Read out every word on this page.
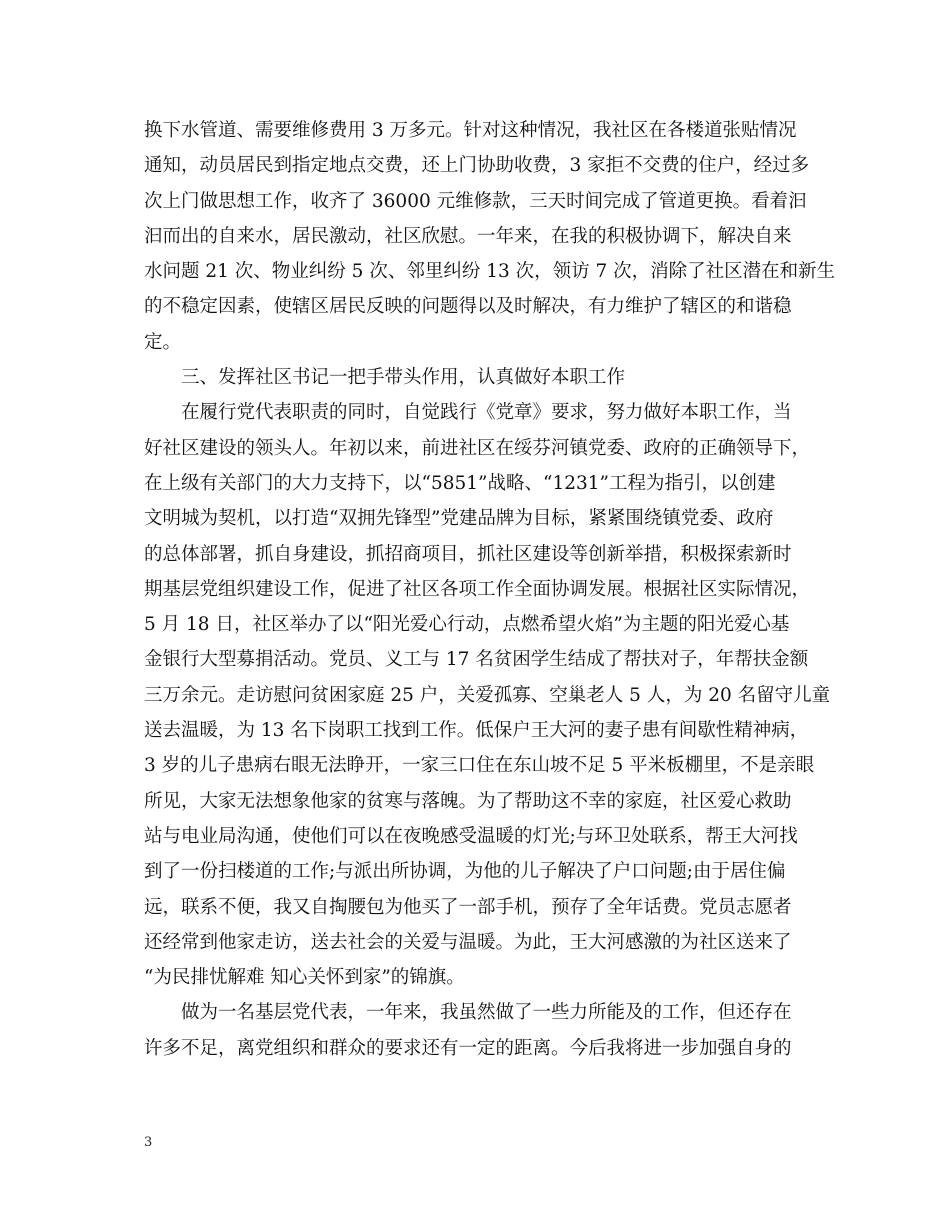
换下水管道、需要维修费用 3 万多元。针对这种情况，我社区在各楼道张贴情况
通知，动员居民到指定地点交费，还上门协助收费，3 家拒不交费的住户，经过多
次上门做思想工作，收齐了 36000 元维修款，三天时间完成了管道更换。看着汩
汩而出的自来水，居民激动，社区欣慰。一年来，在我的积极协调下，解决自来
水问题 21 次、物业纠纷 5 次、邻里纠纷 13 次，领访 7 次，消除了社区潜在和新生
的不稳定因素，使辖区居民反映的问题得以及时解决，有力维护了辖区的和谐稳
定。
三、发挥社区书记一把手带头作用，认真做好本职工作
在履行党代表职责的同时，自觉践行《党章》要求，努力做好本职工作，当
好社区建设的领头人。年初以来，前进社区在绥芬河镇党委、政府的正确领导下，
在上级有关部门的大力支持下，以“5851”战略、“1231”工程为指引，以创建
文明城为契机，以打造“双拥先锋型”党建品牌为目标，紧紧围绕镇党委、政府
的总体部署，抓自身建设，抓招商项目，抓社区建设等创新举措，积极探索新时
期基层党组织建设工作，促进了社区各项工作全面协调发展。根据社区实际情况，
5 月 18 日，社区举办了以“阳光爱心行动，点燃希望火焰”为主题的阳光爱心基
金银行大型募捐活动。党员、义工与 17 名贫困学生结成了帮扶对子，年帮扶金额
三万余元。走访慰问贫困家庭 25 户，关爱孤寡、空巢老人 5 人，为 20 名留守儿童
送去温暖，为 13 名下岗职工找到工作。低保户王大河的妻子患有间歇性精神病，
3 岁的儿子患病右眼无法睁开，一家三口住在东山坡不足 5 平米板棚里，不是亲眼
所见，大家无法想象他家的贫寒与落魄。为了帮助这不幸的家庭，社区爱心救助
站与电业局沟通，使他们可以在夜晚感受温暖的灯光;与环卫处联系，帮王大河找
到了一份扫楼道的工作;与派出所协调，为他的儿子解决了户口问题;由于居住偏
远，联系不便，我又自掏腰包为他买了一部手机，预存了全年话费。党员志愿者
还经常到他家走访，送去社会的关爱与温暖。为此，王大河感激的为社区送来了
“为民排忧解难 知心关怀到家”的锦旗。
做为一名基层党代表，一年来，我虽然做了一些力所能及的工作，但还存在
许多不足，离党组织和群众的要求还有一定的距离。今后我将进一步加强自身的
3
